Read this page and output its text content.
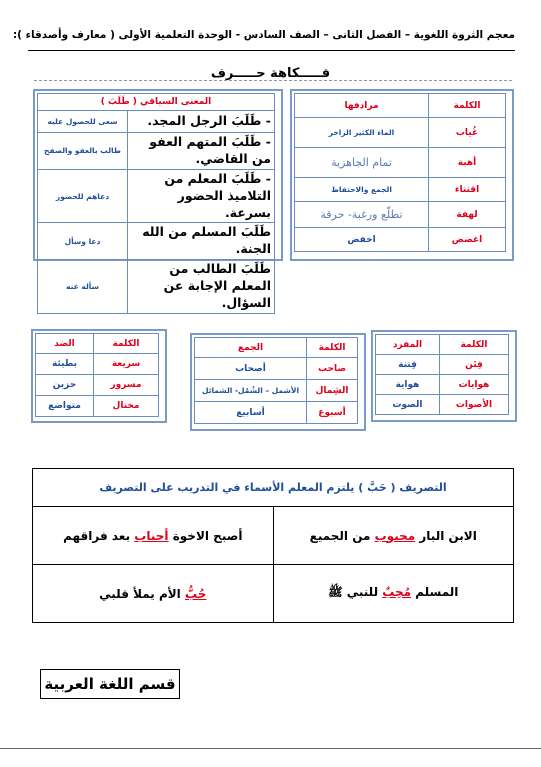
معجم الثروة اللغوية – الفصل الثانى – الصف السادس - الوحدة التعلمية الأولى ( معارف وأصدقاء ):
فـــــكاهة حـــــرف
الكلمة	مرادفها
غُياب	الماء الكثير الزاخر
أهبة	تمام الجاهزية
اقتناء	الجمع والاحتفاظ
لهفة	تطلّع ورغبة- حرقة
اغضض	اخفض
المعنى السياقي ( طَلَبَ )	
- طَلَبَ الرجل المجد.	سعى للحصول عليه
- طَلَبَ المتهم العفو من القاضي.	طالب بالعفو والصفح
- طَلَبَ المعلم من التلاميذ الحضور بسرعة.	دعاهم للحضور
طَلَبَ المسلم من الله الجنة.	دعا وسأل
طَلَبَ الطالب من المعلم الإجابة عن السؤال.	سأله عنه
الكلمة	المفرد
فِتَن	فِتنة
هوايات	هواية
الأصوات	الصوت
الكلمة	الجمع
صاحب	أصحاب
الشِمال	الأشمل – الشُمُل- الشمائل
أسبوع	أسابيع
الكلمة	الضد
سريعة	بطيئة
مسرور	حزين
مختال	متواضع
التصريف ( حَبَّ ) يلتزم المعلم الأسماء في التدريب على التصريف	
الابن البار محبوب من الجميع	أصبح الاخوة أحباب بعد فراقهم
المسلم مُحِبٌ للنبي ﷺ	حُبُّ الأم يملأ قلبي
قسم اللغة العربية
